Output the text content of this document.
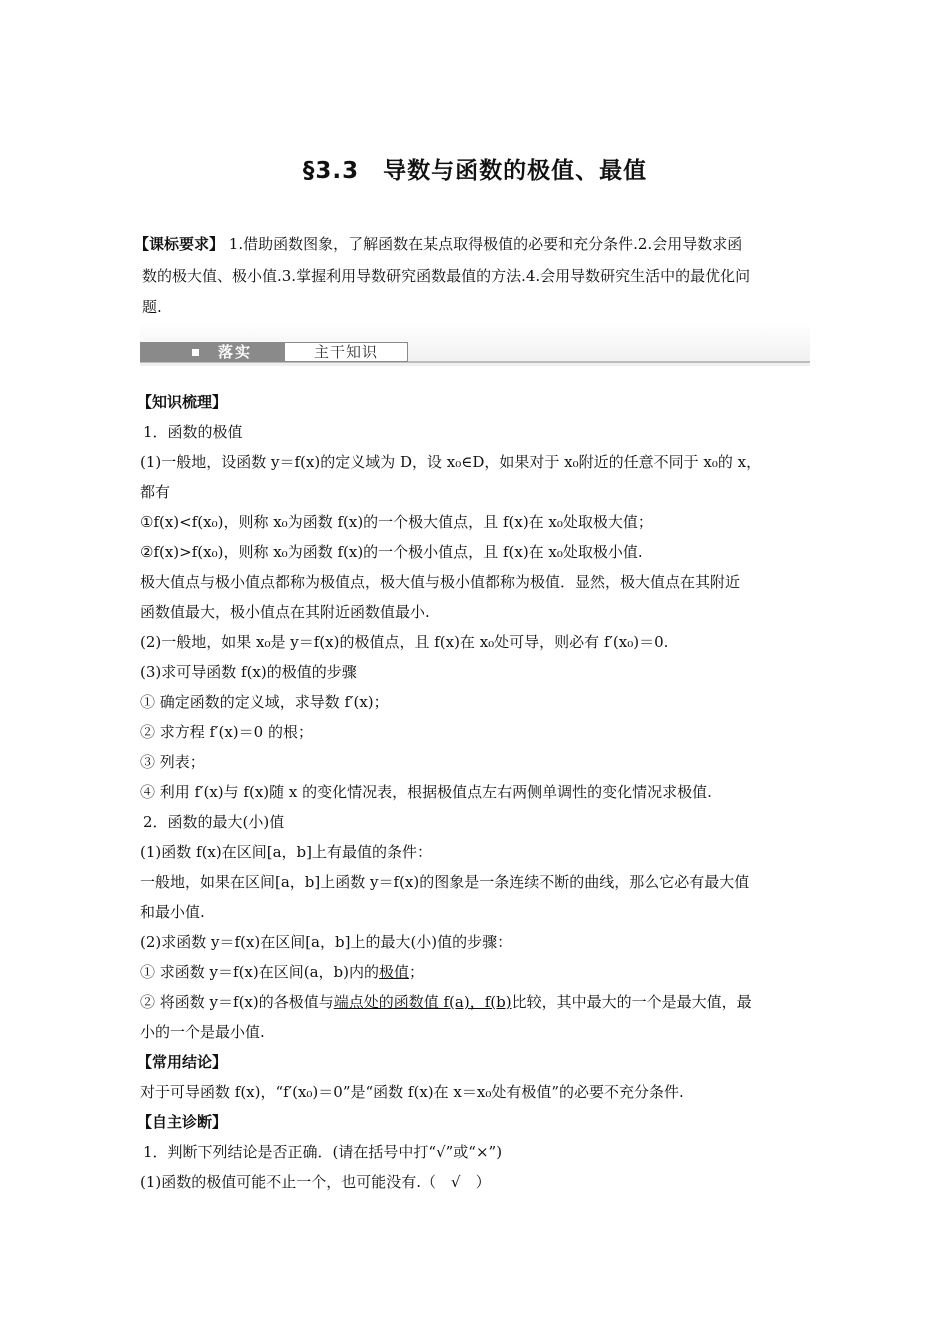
§3.3　导数与函数的极值、最值
【课标要求】 1.借助函数图象，了解函数在某点取得极值的必要和充分条件.2.会用导数求函
数的极大值、极小值.3.掌握利用导数研究函数最值的方法.4.会用导数研究生活中的最优化问
题.
落实	主干知识

【知识梳理】

1．函数的极值

(1)一般地，设函数 y＝f(x)的定义域为 D，设 x₀∈D，如果对于 x₀附近的任意不同于 x₀的 x，

都有

①f(x)<f(x₀)，则称 x₀为函数 f(x)的一个极大值点，且 f(x)在 x₀处取极大值；

②f(x)>f(x₀)，则称 x₀为函数 f(x)的一个极小值点，且 f(x)在 x₀处取极小值.

极大值点与极小值点都称为极值点，极大值与极小值都称为极值．显然，极大值点在其附近

函数值最大，极小值点在其附近函数值最小.

(2)一般地，如果 x₀是 y＝f(x)的极值点，且 f(x)在 x₀处可导，则必有 f′(x₀)＝0.

(3)求可导函数 f(x)的极值的步骤

① 确定函数的定义域，求导数 f′(x)；

② 求方程 f′(x)＝0 的根；

③ 列表；

④ 利用 f′(x)与 f(x)随 x 的变化情况表，根据极值点左右两侧单调性的变化情况求极值.

2．函数的最大(小)值

(1)函数 f(x)在区间[a，b]上有最值的条件：

一般地，如果在区间[a，b]上函数 y＝f(x)的图象是一条连续不断的曲线，那么它必有最大值

和最小值.

(2)求函数 y＝f(x)在区间[a，b]上的最大(小)值的步骤：

① 求函数 y＝f(x)在区间(a，b)内的极值；

② 将函数 y＝f(x)的各极值与端点处的函数值 f(a)，f(b)比较，其中最大的一个是最大值，最

小的一个是最小值.

【常用结论】

对于可导函数 f(x)，“f′(x₀)＝0”是“函数 f(x)在 x＝x₀处有极值”的必要不充分条件.

【自主诊断】

1．判断下列结论是否正确．(请在括号中打“√”或“×”)

(1)函数的极值可能不止一个，也可能没有.（　√　）
